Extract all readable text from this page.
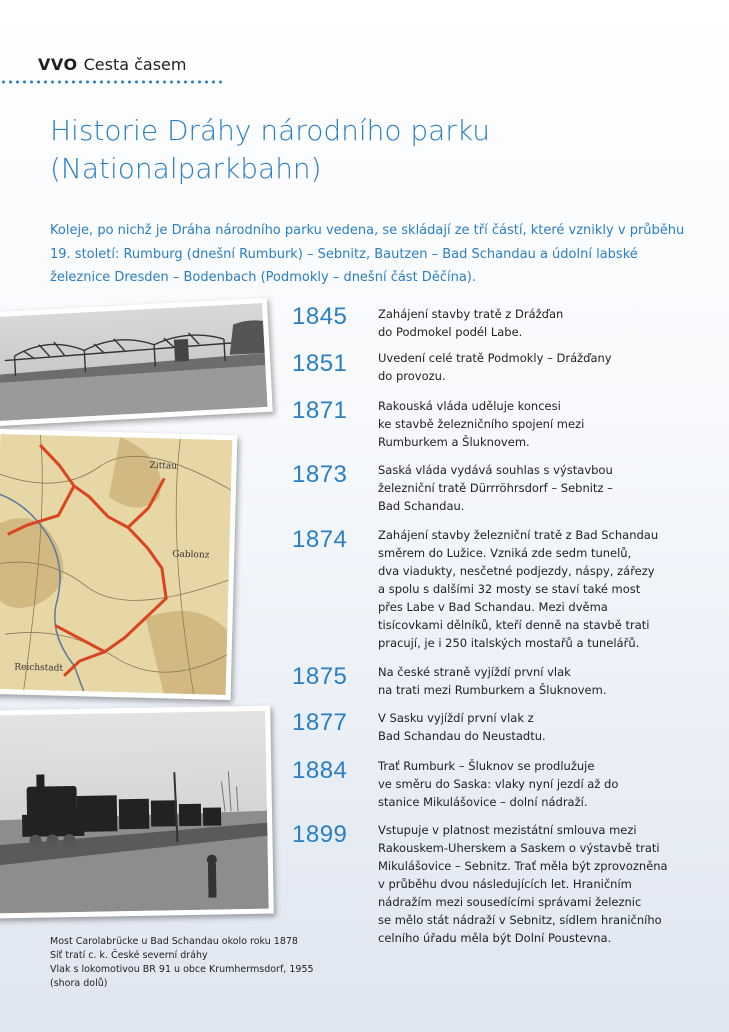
VVO Cesta časem
Historie Dráhy národního parku (Nationalparkbahn)

Koleje, po nichž je Dráha národního parku vedena, se skládají ze tří částí, které vznikly v průběhu 19. století: Rumburg (dnešní Rumburk) – Sebnitz, Bautzen – Bad Schandau a údolní labské železnice Dresden – Bodenbach (Podmokly – dnešní část Děčína).

Zittau
Gablonz
Reichstadt
1845	Zahájení stavby tratě z Drážďan
do Podmokel podél Labe.
1851	Uvedení celé tratě Podmokly – Drážďany
do provozu.
1871	Rakouská vláda uděluje koncesi
ke stavbě železničního spojení mezi
Rumburkem a Šluknovem.
1873	Saská vláda vydává souhlas s výstavbou
železniční tratě Dürrröhrsdorf – Sebnitz –
Bad Schandau.
1874	Zahájení stavby železniční tratě z Bad Schandau
směrem do Lužice. Vzniká zde sedm tunelů,
dva viadukty, nesčetné podjezdy, náspy, zářezy
a spolu s dalšími 32 mosty se staví také most
přes Labe v Bad Schandau. Mezi dvěma
tisícovkami dělníků, kteří denně na stavbě trati
pracují, je i 250 italských mostařů a tunelářů.
1875	Na české straně vyjíždí první vlak
na trati mezi Rumburkem a Šluknovem.
1877	V Sasku vyjíždí první vlak z
Bad Schandau do Neustadtu.
1884	Trať Rumburk – Šluknov se prodlužuje
ve směru do Saska: vlaky nyní jezdí až do
stanice Mikulášovice – dolní nádraží.
1899	Vstupuje v platnost mezistátní smlouva mezi
Rakouskem-Uherskem a Saskem o výstavbě trati
Mikulášovice – Sebnitz. Trať měla být zprovozněna
v průběhu dvou následujících let. Hraničním
nádražím mezi sousedícími správami železnic
se mělo stát nádraží v Sebnitz, sídlem hraničního
celního úřadu měla být Dolní Poustevna.
Most Carolabrücke u Bad Schandau okolo roku 1878
Síť tratí c. k. České severní dráhy
Vlak s lokomotivou BR 91 u obce Krumhermsdorf, 1955
(shora dolů)
